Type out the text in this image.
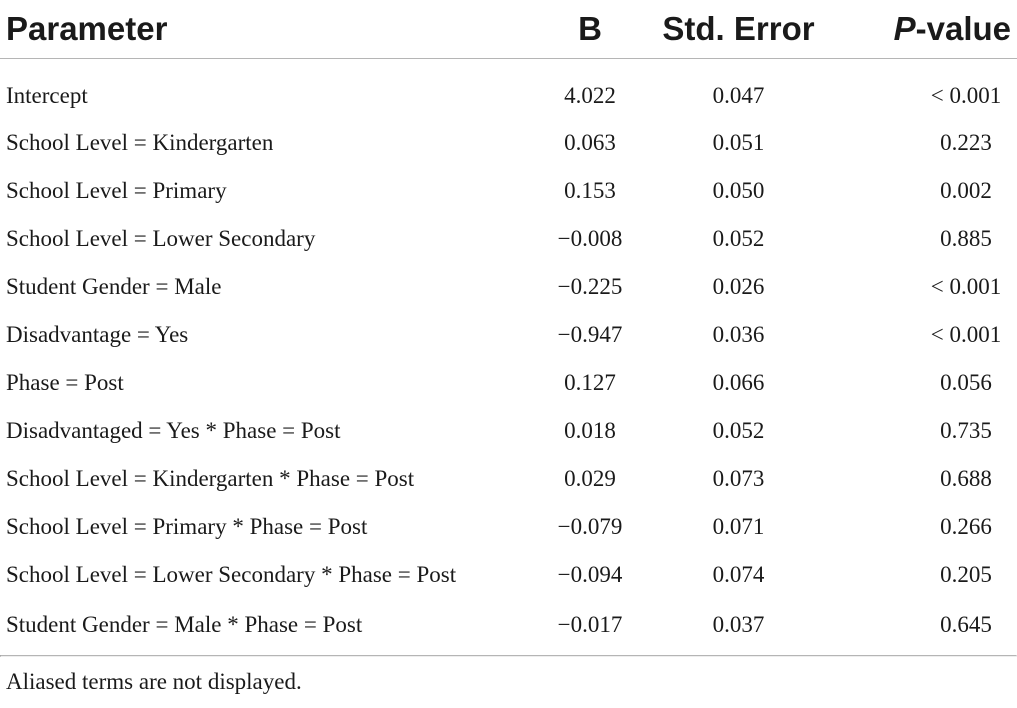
Parameter	B	Std. Error	P-value
Intercept	4.022	0.047	< 0.001
School Level = Kindergarten	0.063	0.051	0.223
School Level = Primary	0.153	0.050	0.002
School Level = Lower Secondary	−0.008	0.052	0.885
Student Gender = Male	−0.225	0.026	< 0.001
Disadvantage = Yes	−0.947	0.036	< 0.001
Phase = Post	0.127	0.066	0.056
Disadvantaged = Yes * Phase = Post	0.018	0.052	0.735
School Level = Kindergarten * Phase = Post	0.029	0.073	0.688
School Level = Primary * Phase = Post	−0.079	0.071	0.266
School Level = Lower Secondary * Phase = Post	−0.094	0.074	0.205
Student Gender = Male * Phase = Post	−0.017	0.037	0.645
Aliased terms are not displayed.
